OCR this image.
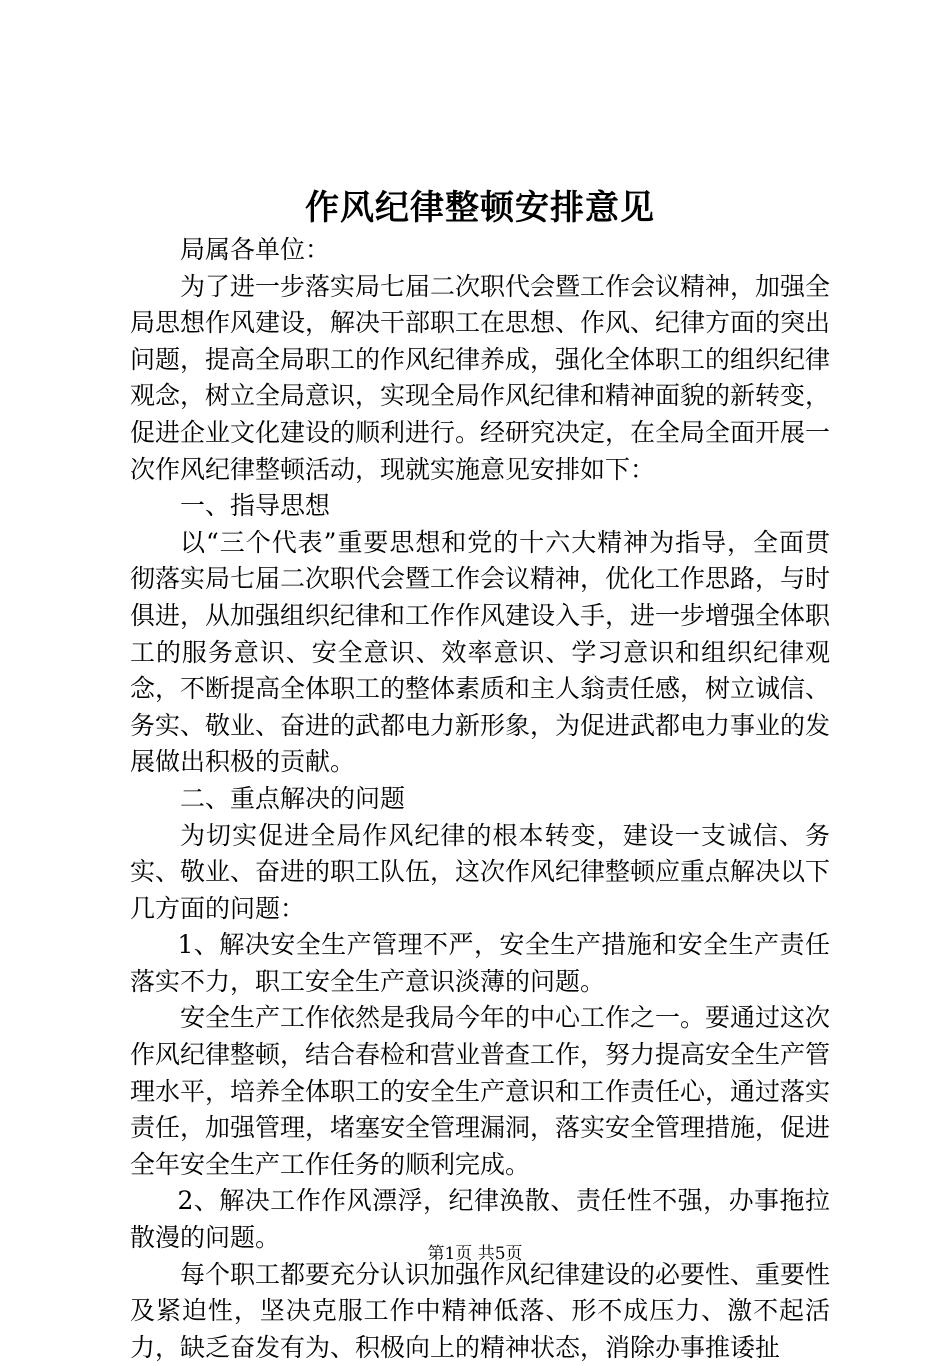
作风纪律整顿安排意见

局属各单位：

为了进一步落实局七届二次职代会暨工作会议精神，加强全局思想作风建设，解决干部职工在思想、作风、纪律方面的突出问题，提高全局职工的作风纪律养成，强化全体职工的组织纪律观念，树立全局意识，实现全局作风纪律和精神面貌的新转变，促进企业文化建设的顺利进行。经研究决定，在全局全面开展一次作风纪律整顿活动，现就实施意见安排如下：

一、指导思想

以“三个代表”重要思想和党的十六大精神为指导，全面贯彻落实局七届二次职代会暨工作会议精神，优化工作思路，与时俱进，从加强组织纪律和工作作风建设入手，进一步增强全体职工的服务意识、安全意识、效率意识、学习意识和组织纪律观念，不断提高全体职工的整体素质和主人翁责任感，树立诚信、务实、敬业、奋进的武都电力新形象，为促进武都电力事业的发展做出积极的贡献。

二、重点解决的问题

为切实促进全局作风纪律的根本转变，建设一支诚信、务实、敬业、奋进的职工队伍，这次作风纪律整顿应重点解决以下几方面的问题：

1、解决安全生产管理不严，安全生产措施和安全生产责任落实不力，职工安全生产意识淡薄的问题。

安全生产工作依然是我局今年的中心工作之一。要通过这次作风纪律整顿，结合春检和营业普查工作，努力提高安全生产管理水平，培养全体职工的安全生产意识和工作责任心，通过落实责任，加强管理，堵塞安全管理漏洞，落实安全管理措施，促进全年安全生产工作任务的顺利完成。

2、解决工作作风漂浮，纪律涣散、责任性不强，办事拖拉散漫的问题。

每个职工都要充分认识加强作风纪律建设的必要性、重要性及紧迫性，坚决克服工作中精神低落、形不成压力、激不起活力，缺乏奋发有为、积极向上的精神状态，消除办事推诿扯

第1页 共5页
